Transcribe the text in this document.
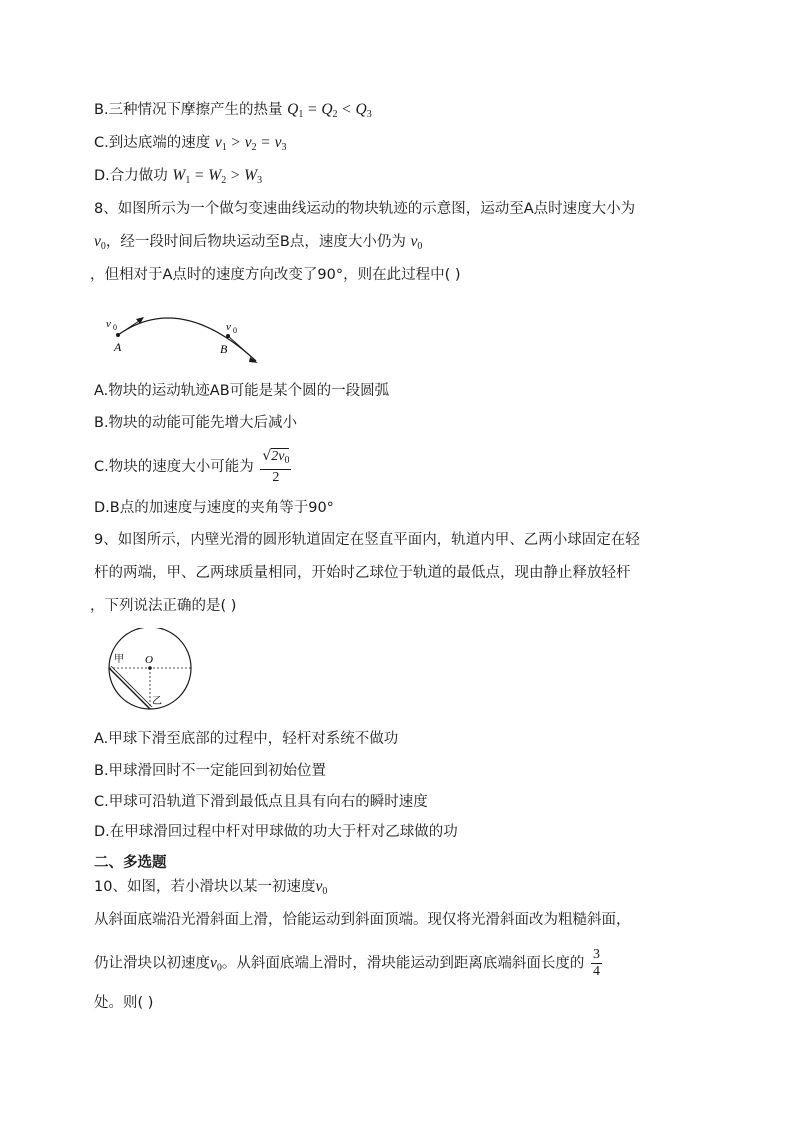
B.三种情况下摩擦产生的热量 $Q_1 = Q_2 < Q_3$
C.到达底端的速度 $v_1 > v_2 = v_3$
D.合力做功 $W_1 = W_2 > W_3$
8、如图所示为一个做匀变速曲线运动的物块轨迹的示意图，运动至A点时速度大小为
$v_0$，经一段时间后物块运动至B点，速度大小仍为 $v_0$
，但相对于A点时的速度方向改变了90°，则在此过程中( )
A	B
v 0	v 0
A.物块的运动轨迹AB可能是某个圆的一段圆弧
B.物块的动能可能先增大后减小
C.物块的速度大小可能为 $\frac{√2v_0}{2}$
D.B点的加速度与速度的夹角等于90°
9、如图所示，内壁光滑的圆形轨道固定在竖直平面内，轨道内甲、乙两小球固定在轻
杆的两端，甲、乙两球质量相同，开始时乙球位于轨道的最低点，现由静止释放轻杆
，下列说法正确的是( )
甲 O
乙
A.甲球下滑至底部的过程中，轻杆对系统不做功
B.甲球滑回时不一定能回到初始位置
C.甲球可沿轨道下滑到最低点且具有向右的瞬时速度
D.在甲球滑回过程中杆对甲球做的功大于杆对乙球做的功
二、多选题
10、如图，若小滑块以某一初速度$v_0$
从斜面底端沿光滑斜面上滑，恰能运动到斜面顶端。现仅将光滑斜面改为粗糙斜面，
仍让滑块以初速度$v_0$。从斜面底端上滑时，滑块能运动到距离底端斜面长度的 $\frac{3}{4}$
处。则( )
